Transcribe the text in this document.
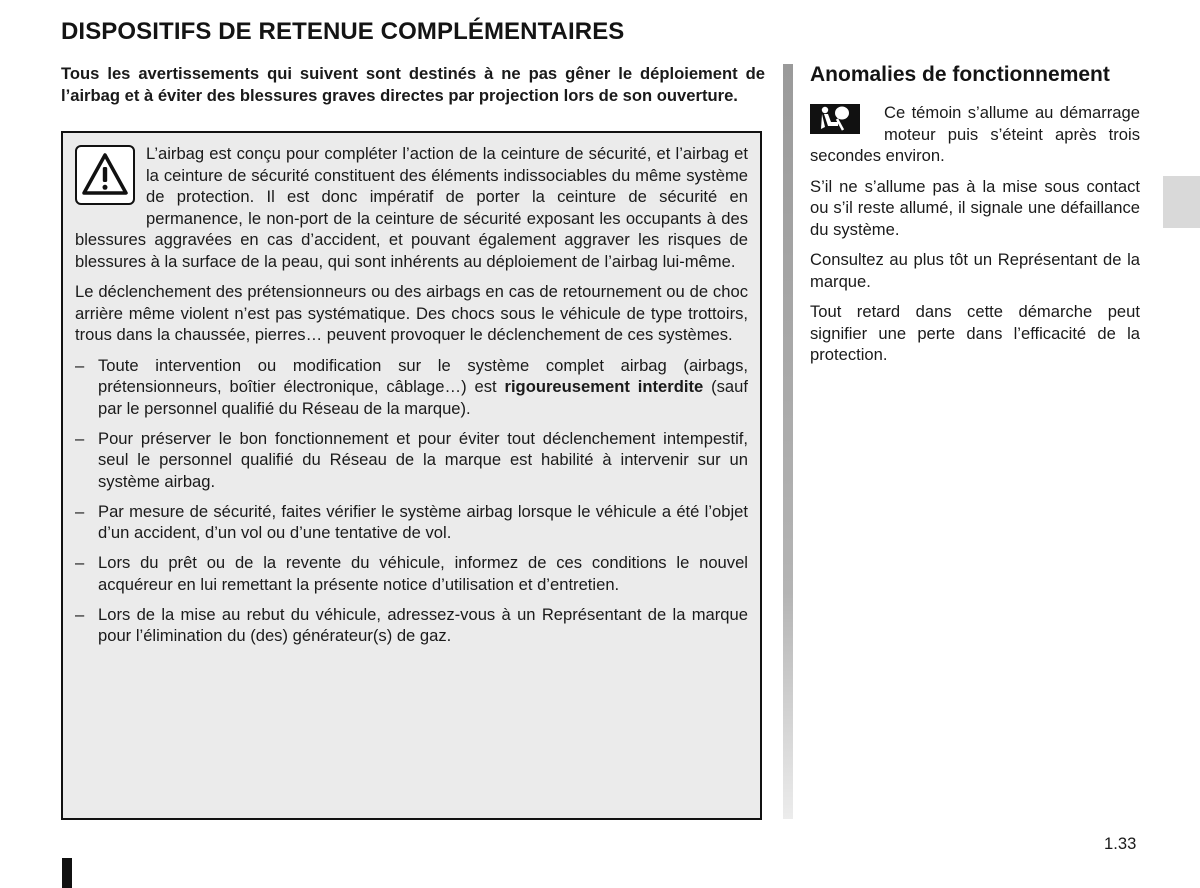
DISPOSITIFS DE RETENUE COMPLÉMENTAIRES

Tous les avertissements qui suivent sont destinés à ne pas gêner le déploiement de l’airbag et à éviter des blessures graves directes par projection lors de son ouverture.

L’airbag est conçu pour compléter l’action de la ceinture de sécurité, et l’airbag et la ceinture de sécurité constituent des éléments indissociables du même système de protection. Il est donc impératif de porter la ceinture de sécurité en permanence, le non-port de la ceinture de sécurité exposant les occupants à des blessures aggravées en cas d’accident, et pouvant également aggraver les risques de blessures à la surface de la peau, qui sont inhérents au déploiement de l’airbag lui-même.

Le déclenchement des prétensionneurs ou des airbags en cas de retournement ou de choc arrière même violent n’est pas systématique. Des chocs sous le véhicule de type trottoirs, trous dans la chaussée, pierres… peuvent provoquer le déclenchement de ces systèmes.

– Toute intervention ou modification sur le système complet airbag (airbags, prétensionneurs, boîtier électronique, câblage…) est rigoureusement interdite (sauf par le personnel qualifié du Réseau de la marque).
– Pour préserver le bon fonctionnement et pour éviter tout déclenchement intempestif, seul le personnel qualifié du Réseau de la marque est habilité à intervenir sur un système airbag.
– Par mesure de sécurité, faites vérifier le système airbag lorsque le véhicule a été l’objet d’un accident, d’un vol ou d’une tentative de vol.
– Lors du prêt ou de la revente du véhicule, informez de ces conditions le nouvel acquéreur en lui remettant la présente notice d’utilisation et d’entretien.
– Lors de la mise au rebut du véhicule, adressez-vous à un Représentant de la marque pour l’élimination du (des) générateur(s) de gaz.
Anomalies de fonctionnement

Ce témoin s’allume au démarrage moteur puis s’éteint après trois secondes environ.

S’il ne s’allume pas à la mise sous contact ou s’il reste allumé, il signale une défaillance du système.

Consultez au plus tôt un Représentant de la marque.

Tout retard dans cette démarche peut signifier une perte dans l’efficacité de la protection.

1.33
